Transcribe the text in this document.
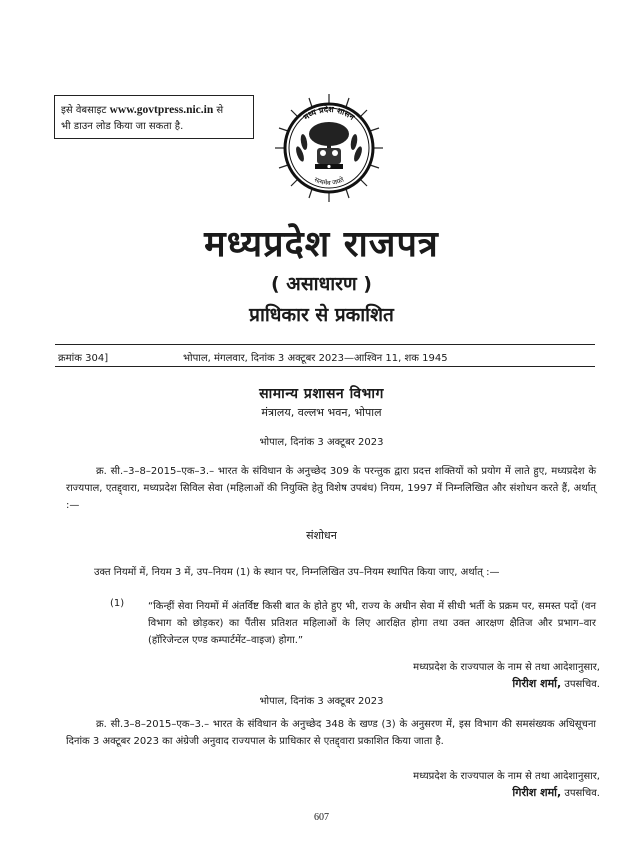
इसे वेबसाइट www.govtpress.nic.in से
भी डाउन लोड किया जा सकता है.
मध्य प्रदेश शासन
सत्यमेव जयते
मध्यप्रदेश राजपत्र
( असाधारण )
प्राधिकार से प्रकाशित
क्रमांक 304]	भोपाल, मंगलवार, दिनांक 3 अक्टूबर 2023—आश्विन 11, शक 1945
सामान्य प्रशासन विभाग
मंत्रालय, वल्लभ भवन, भोपाल
भोपाल, दिनांक 3 अक्टूबर 2023
क्र. सी.–3–8–2015–एक–3.– भारत के संविधान के अनुच्छेद 309 के परन्तुक द्वारा प्रदत्त शक्तियों को प्रयोग में लाते हुए, मध्यप्रदेश के राज्यपाल, एतद्द्वारा, मध्यप्रदेश सिविल सेवा (महिलाओं की नियुक्ति हेतु विशेष उपबंध) नियम, 1997 में निम्नलिखित और संशोधन करते हैं, अर्थात् :—
संशोधन
उक्त नियमों में, नियम 3 में, उप–नियम (1) के स्थान पर, निम्नलिखित उप–नियम स्थापित किया जाए, अर्थात् :—
(1) “किन्हीं सेवा नियमों में अंतर्विष्ट किसी बात के होते हुए भी, राज्य के अधीन सेवा में सीधी भर्ती के प्रक्रम पर, समस्त पदों (वन विभाग को छोड़कर) का पैंतीस प्रतिशत महिलाओं के लिए आरक्षित होगा तथा उक्त आरक्षण क्षैतिज और प्रभाग–वार (हॉरिजेन्टल एण्ड कम्पार्टमेंट–वाइज) होगा.”
मध्यप्रदेश के राज्यपाल के नाम से तथा आदेशानुसार,
गिरीश शर्मा, उपसचिव.
भोपाल, दिनांक 3 अक्टूबर 2023
क्र. सी.3–8–2015–एक–3.– भारत के संविधान के अनुच्छेद 348 के खण्ड (3) के अनुसरण में, इस विभाग की समसंख्यक अधिसूचना दिनांक 3 अक्टूबर 2023 का अंग्रेजी अनुवाद राज्यपाल के प्राधिकार से एतद्द्वारा प्रकाशित किया जाता है.
मध्यप्रदेश के राज्यपाल के नाम से तथा आदेशानुसार,
गिरीश शर्मा, उपसचिव.
607
